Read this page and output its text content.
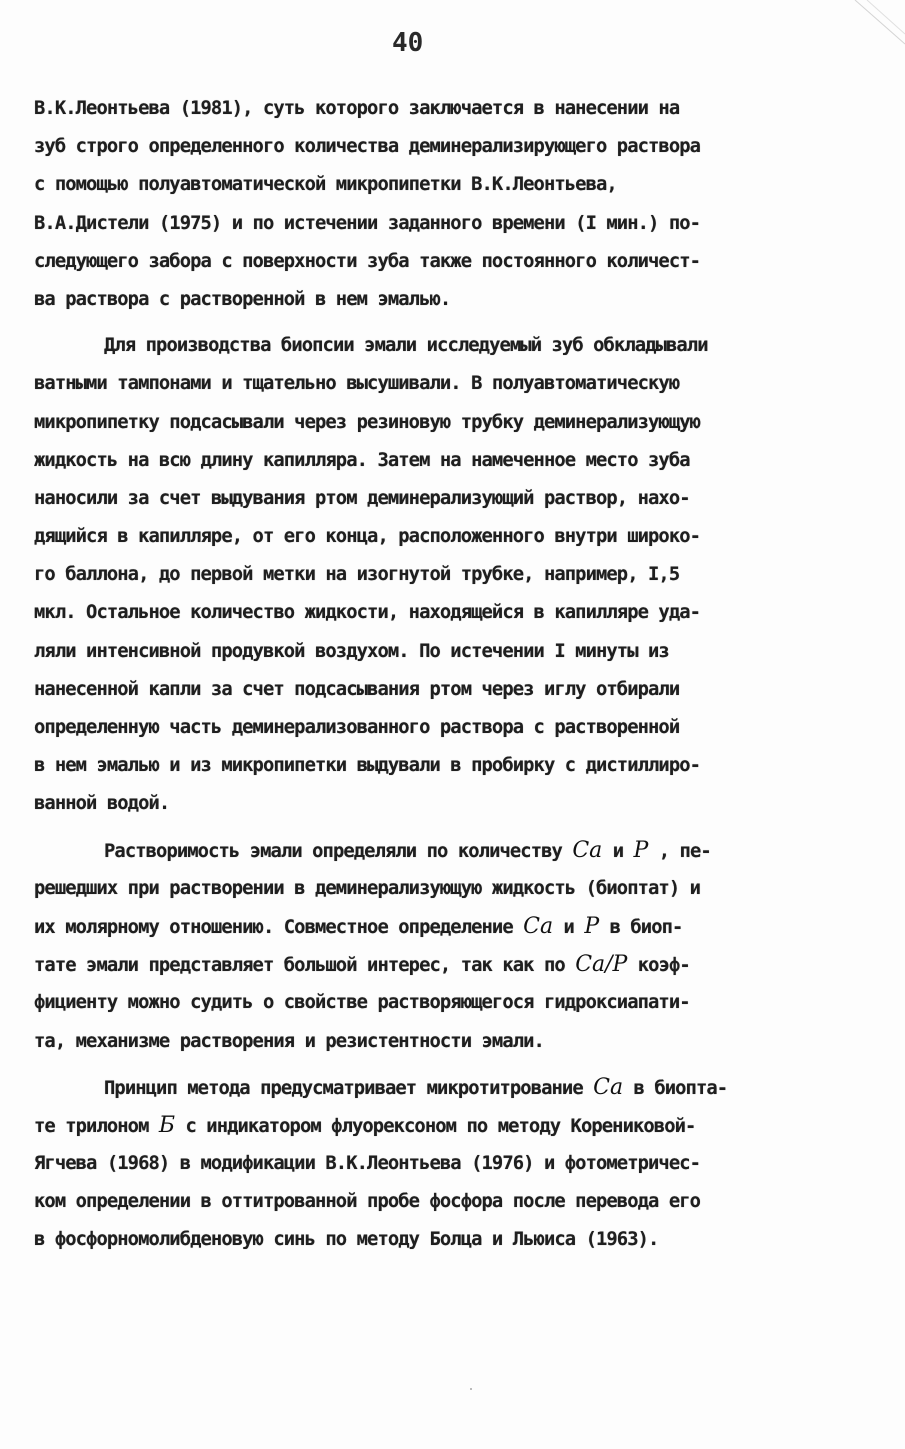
40
В.К.Леонтьева (1981), суть которого заключается в нанесении на
зуб строго определенного количества деминерализирующего раствора
с помощью полуавтоматической микропипетки В.К.Леонтьева,
В.А.Дистели (1975) и по истечении заданного времени (I мин.) по-
следующего забора с поверхности зуба также постоянного количест-
ва раствора с растворенной в нем эмалью.
Для производства биопсии эмали исследуемый зуб обкладывали
ватными тампонами и тщательно высушивали. В полуавтоматическую
микропипетку подсасывали через резиновую трубку деминерализующую
жидкость на всю длину капилляра. Затем на намеченное место зуба
наносили за счет выдувания ртом деминерализующий раствор, нахо-
дящийся в капилляре, от его конца, расположенного внутри широко-
го баллона, до первой метки на изогнутой трубке, например, I,5
мкл. Остальное количество жидкости, находящейся в капилляре уда-
ляли интенсивной продувкой воздухом. По истечении I минуты из
нанесенной капли за счет подсасывания ртом через иглу отбирали
определенную часть деминерализованного раствора с растворенной
в нем эмалью и из микропипетки выдували в пробирку с дистиллиро-
ванной водой.
Растворимость эмали определяли по количеству Ca и P , пе-
решедших при растворении в деминерализующую жидкость (биоптат) и
их молярному отношению. Совместное определение Ca и P в биоп-
тате эмали представляет большой интерес, так как по Ca/P коэф-
фициенту можно судить о свойстве растворяющегося гидроксиапати-
та, механизме растворения и резистентности эмали.
Принцип метода предусматривает микротитрование Ca в биопта-
те трилоном Б с индикатором флуорексоном по методу Корениковой-
Ягчева (1968) в модификации В.К.Леонтьева (1976) и фотометричес-
ком определении в оттитрованной пробе фосфора после перевода его
в фосфорномолибденовую синь по методу Болца и Льюиса (1963).
